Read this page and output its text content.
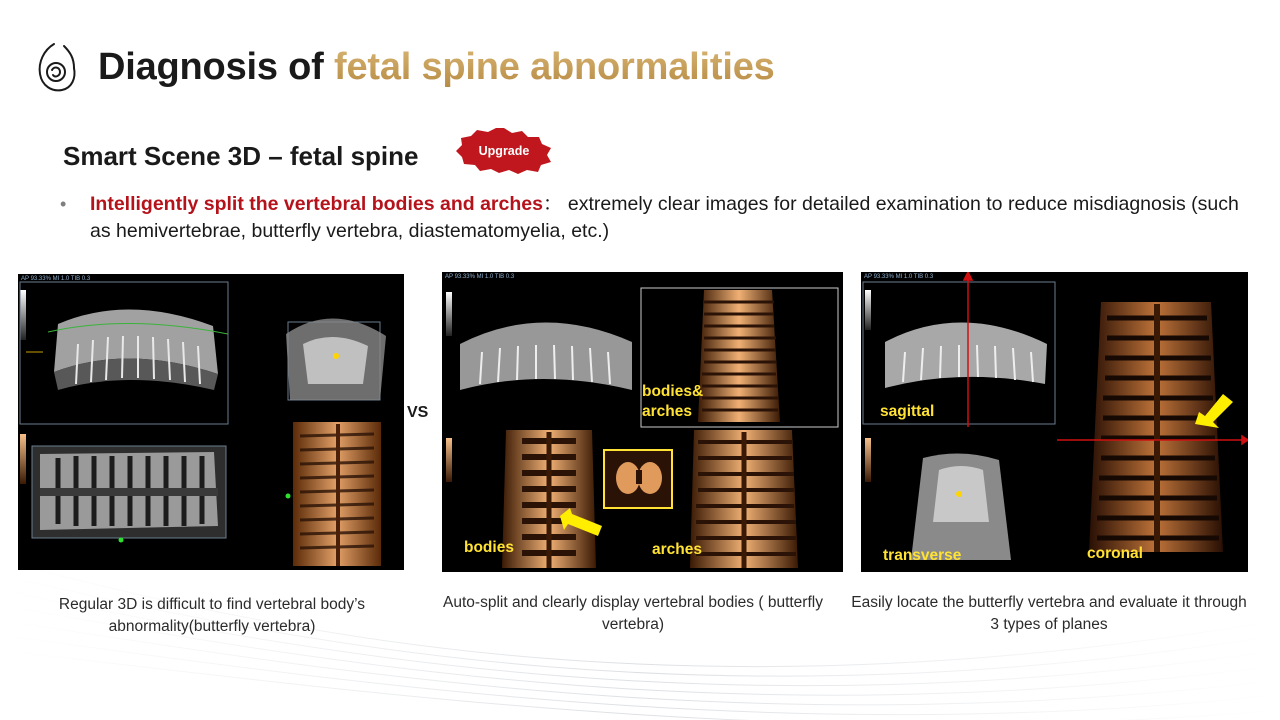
Diagnosis of fetal spine abnormalities
Smart Scene 3D – fetal spine	Upgrade
• Intelligently split the vertebral bodies and arches： extremely clear images for detailed examination to reduce misdiagnosis (such as hemivertebrae, butterfly vertebra, diastematomyelia, etc.)
AP 93.33% MI 1.0 TIB 0.3
VS
AP 93.33% MI 1.0 TIB 0.3
bodies&
arches
bodies	arches
AP 93.33% MI 1.0 TIB 0.3
sagittal
transverse	coronal
Regular 3D is difficult to find vertebral body’s abnormality(butterfly vertebra)
Auto-split and clearly display vertebral bodies ( butterfly vertebra)
Easily locate the butterfly vertebra and evaluate it through 3 types of planes
